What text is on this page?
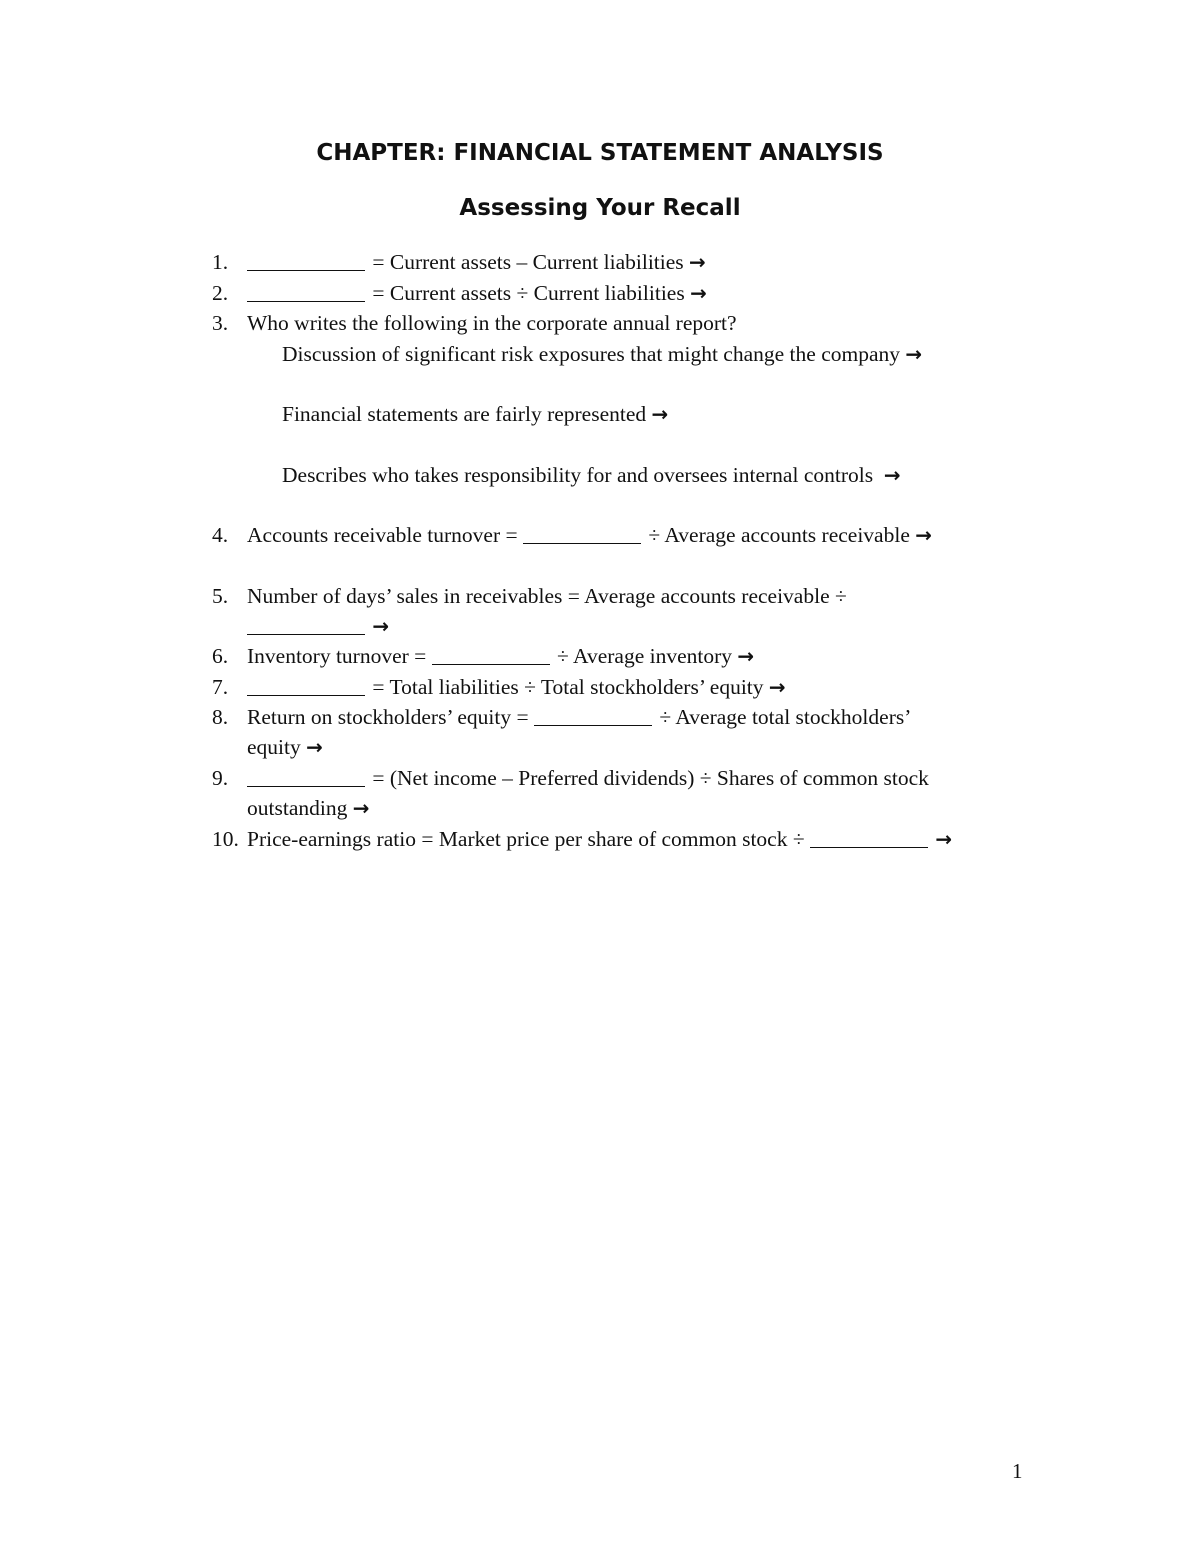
CHAPTER: FINANCIAL STATEMENT ANALYSIS
Assessing Your Recall
1.	= Current assets – Current liabilities →
2.	= Current assets ÷ Current liabilities →
3. Who writes the following in the corporate annual report?
Discussion of significant risk exposures that might change the company →
Financial statements are fairly represented →
Describes who takes responsibility for and oversees internal controls →
4. Accounts receivable turnover =	÷ Average accounts receivable →
5. Number of days’ sales in receivables = Average accounts receivable ÷
→
6. Inventory turnover =	÷ Average inventory →
7.	= Total liabilities ÷ Total stockholders’ equity →
8. Return on stockholders’ equity =	÷ Average total stockholders’
equity →
9.	= (Net income – Preferred dividends) ÷ Shares of common stock
outstanding →
10. Price-earnings ratio = Market price per share of common stock ÷	→
1
